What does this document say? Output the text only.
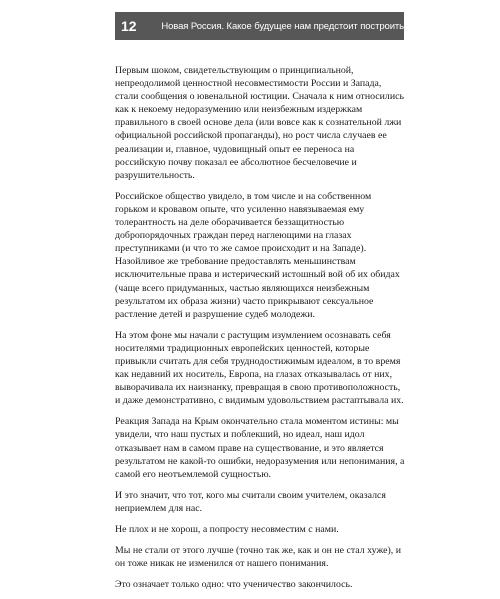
12	Новая Россия. Какое будущее нам предстоит построить

Первым шоком, свидетельствующим о принципиальной, непреодолимой ценностной несовместимости России и Запада, стали сообщения о ювенальной юстиции. Сначала к ним относились как к некоему недоразумению или неизбежным издержкам правильного в своей основе дела (или вовсе как к сознательной лжи официальной российской пропаганды), но рост числа случаев ее реализации и, главное, чудовищный опыт ее переноса на российскую почву показал ее абсолютное бесчеловечие и разрушительность.

Российское общество увидело, в том числе и на собственном горьком и кровавом опыте, что усиленно навязываемая ему толерантность на деле оборачивается беззащитностью добропорядочных граждан перед наглеющими на глазах преступниками (и что то же самое происходит и на Западе). Назойливое же требование предоставлять меньшинствам исключительные права и истерический истошный вой об их обидах (чаще всего придуманных, частью являющихся неизбежным результатом их образа жизни) часто прикрывают сексуальное растление детей и разрушение судеб молодежи.

На этом фоне мы начали с растущим изумлением осознавать себя носителями традиционных европейских ценностей, которые привыкли считать для себя труднодостижимым идеалом, в то время как недавний их носитель, Европа, на глазах отказывалась от них, выворачивала их наизнанку, превращая в свою противоположность, и даже демонстративно, с видимым удовольствием растаптывала их.

Реакция Запада на Крым окончательно стала моментом истины: мы увидели, что наш пустых и поблекший, но идеал, наш идол отказывает нам в самом праве на существование, и это является результатом не какой-то ошибки, недоразумения или непонимания, а самой его неотъемлемой сущностью.

И это значит, что тот, кого мы считали своим учителем, оказался неприемлем для нас.

Не плох и не хорош, а попросту несовместим с нами.

Мы не стали от этого лучше (точно так же, как и он не стал хуже), и он тоже никак не изменился от нашего понимания.

Это означает только одно: что ученичество закончилось.
